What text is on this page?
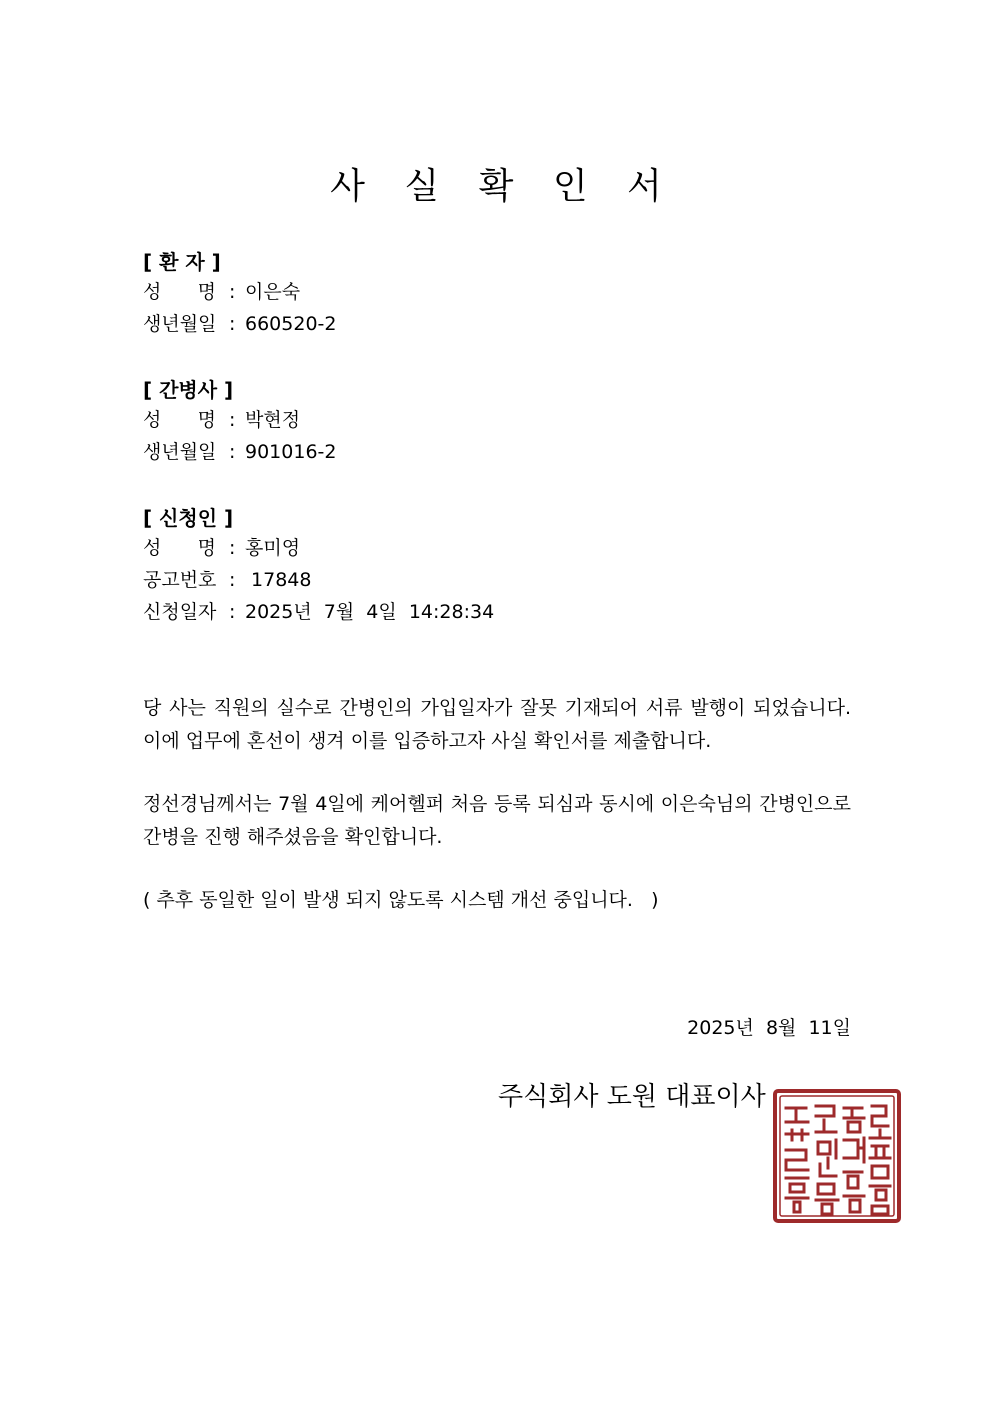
사 실 확 인 서
[ 환 자 ]
성      명 : 이은숙
생년월일 : 660520-2
[ 간병사 ]
성      명 : 박현정
생년월일 : 901016-2
[ 신청인 ]
성      명 : 홍미영
공고번호 : 17848
신청일자 : 2025년  7월  4일  14:28:34
당 사는 직원의 실수로 간병인의 가입일자가 잘못 기재되어 서류 발행이 되었습니다. 이에 업무에 혼선이 생겨 이를 입증하고자 사실 확인서를 제출합니다.
정선경님께서는 7월 4일에 케어헬퍼 처음 등록 되심과 동시에 이은숙님의 간병인으로 간병을 진행 해주셨음을 확인합니다.
( 추후 동일한 일이 발생 되지 않도록 시스템 개선 중입니다.   )
2025년  8월  11일
주식회사 도원 대표이사
